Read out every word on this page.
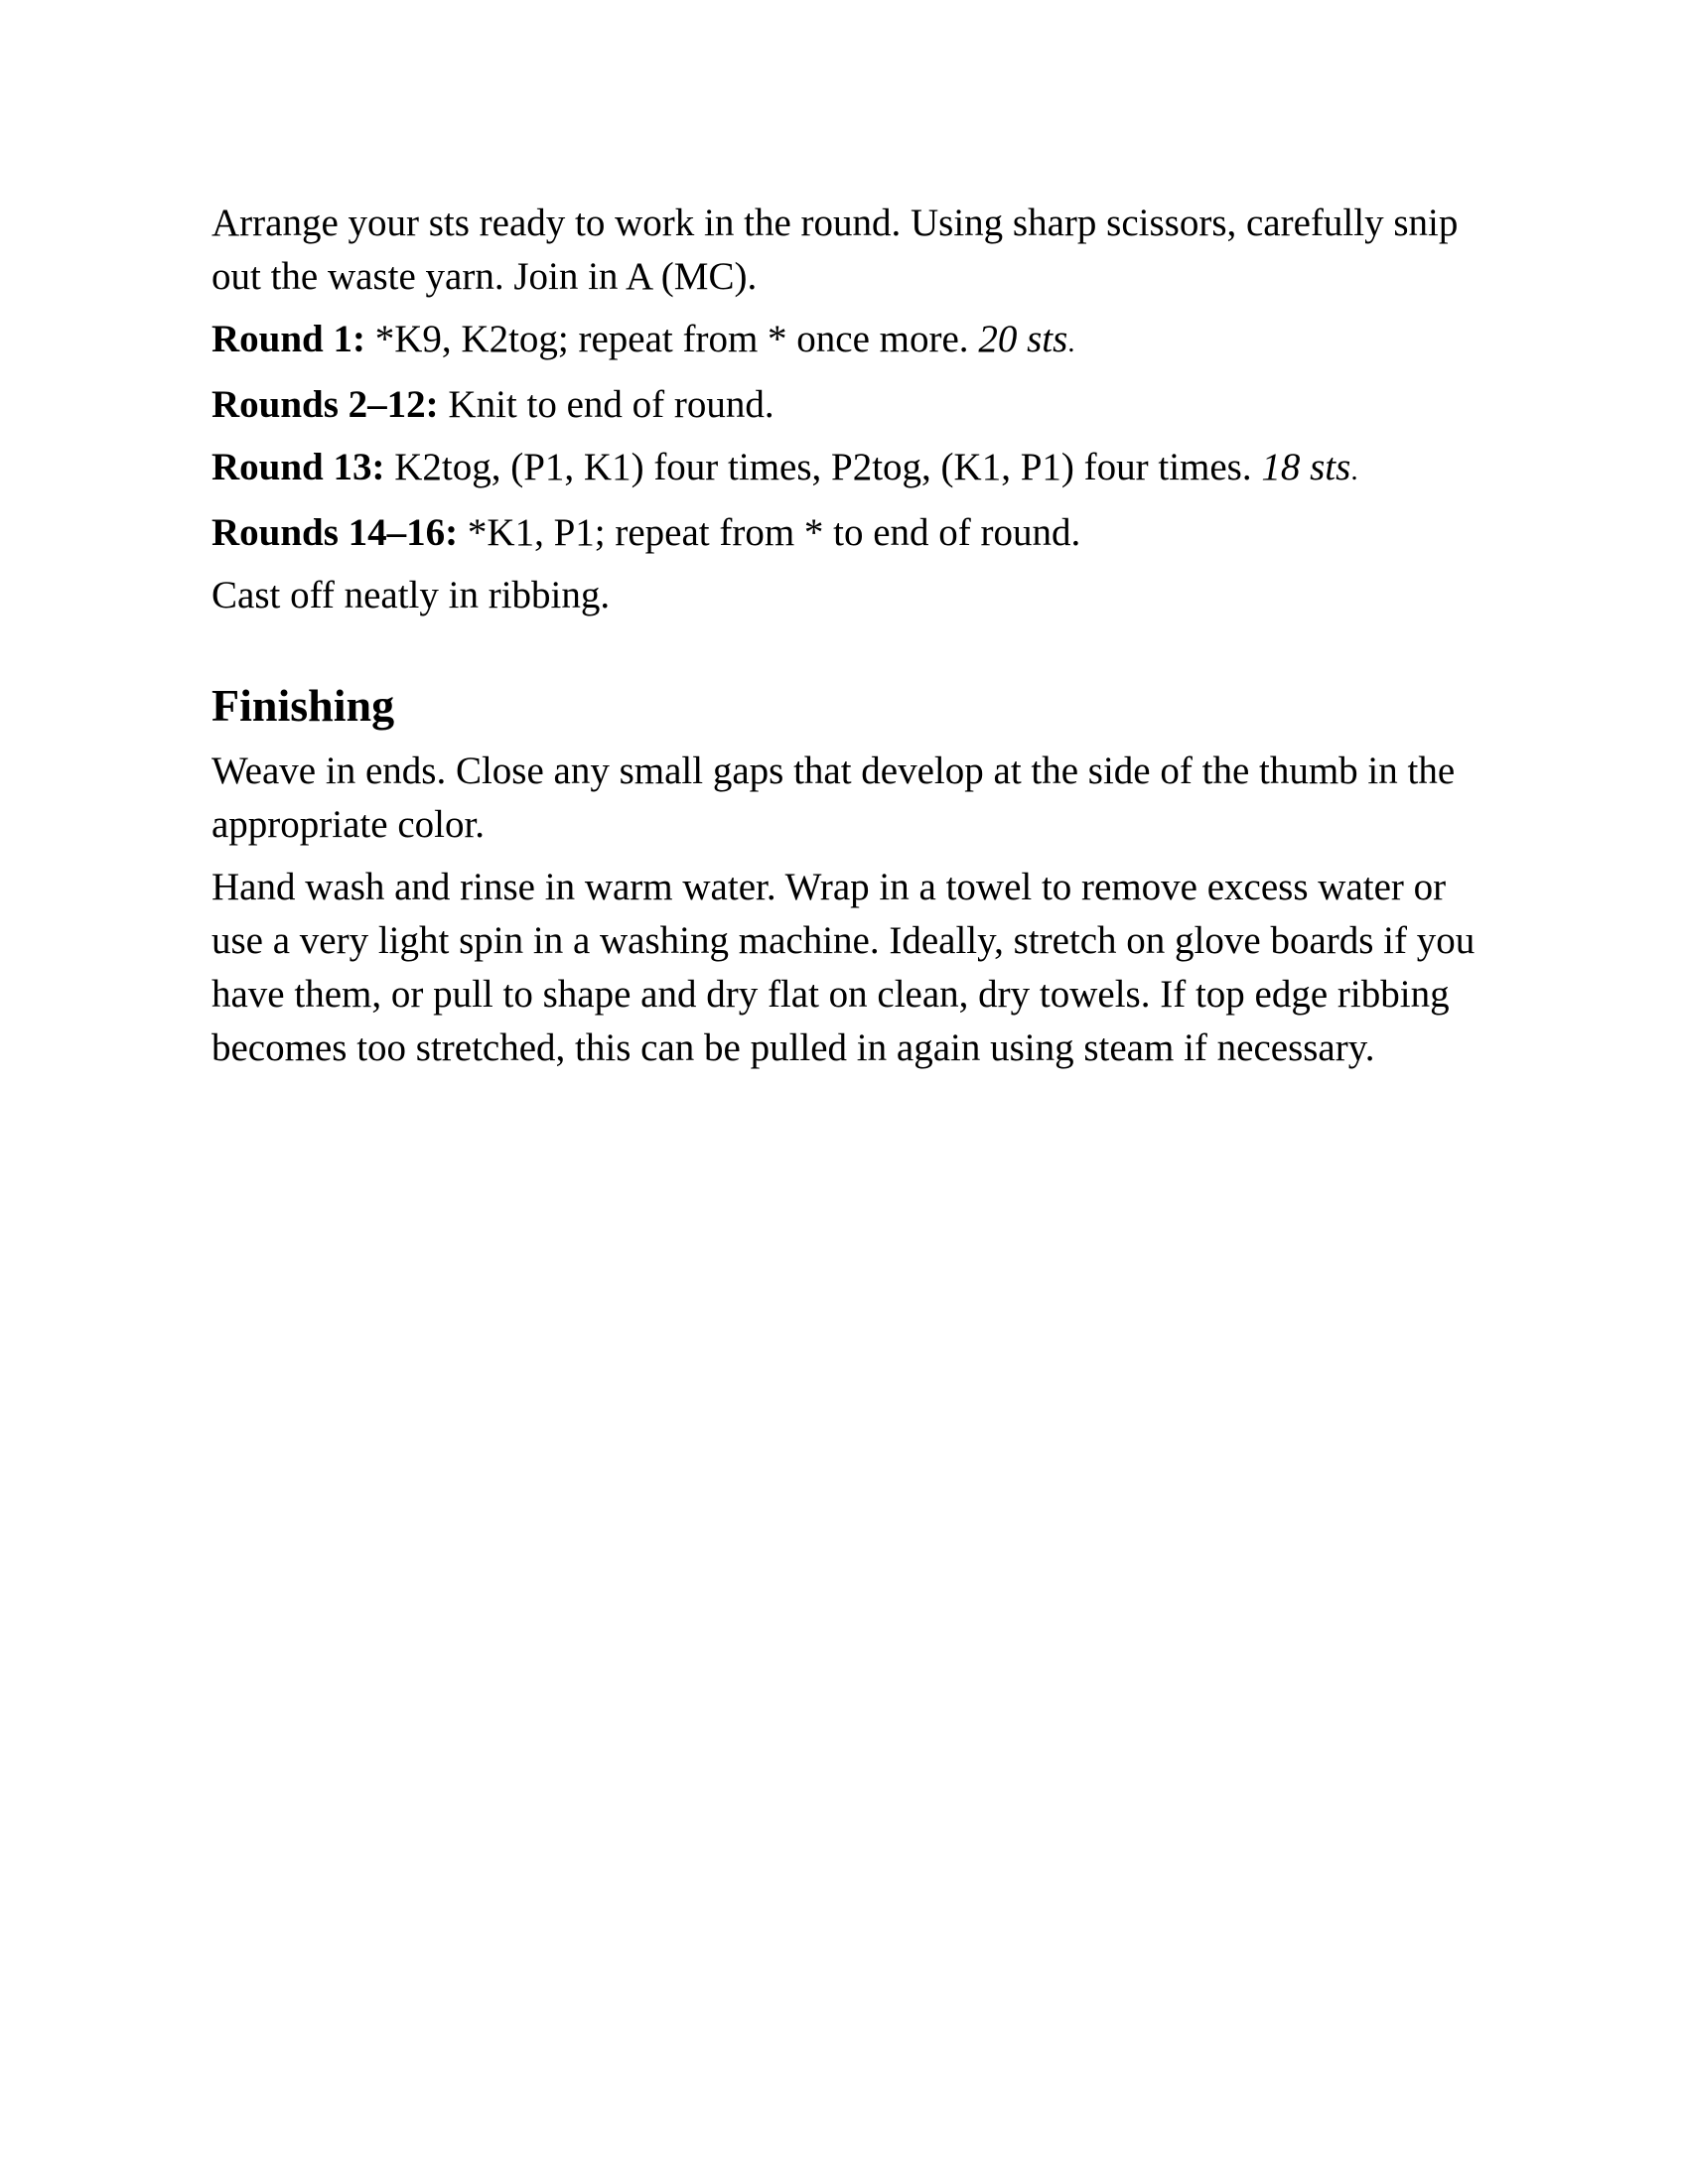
Arrange your sts ready to work in the round. Using sharp scissors, carefully snip out the waste yarn. Join in A (MC).

Round 1: *K9, K2tog; repeat from * once more. 20 sts.

Rounds 2–12: Knit to end of round.

Round 13: K2tog, (P1, K1) four times, P2tog, (K1, P1) four times. 18 sts.

Rounds 14–16: *K1, P1; repeat from * to end of round.

Cast off neatly in ribbing.

Finishing

Weave in ends. Close any small gaps that develop at the side of the thumb in the appropriate color.

Hand wash and rinse in warm water. Wrap in a towel to remove excess water or use a very light spin in a washing machine. Ideally, stretch on glove boards if you have them, or pull to shape and dry flat on clean, dry towels. If top edge ribbing becomes too stretched, this can be pulled in again using steam if necessary.
